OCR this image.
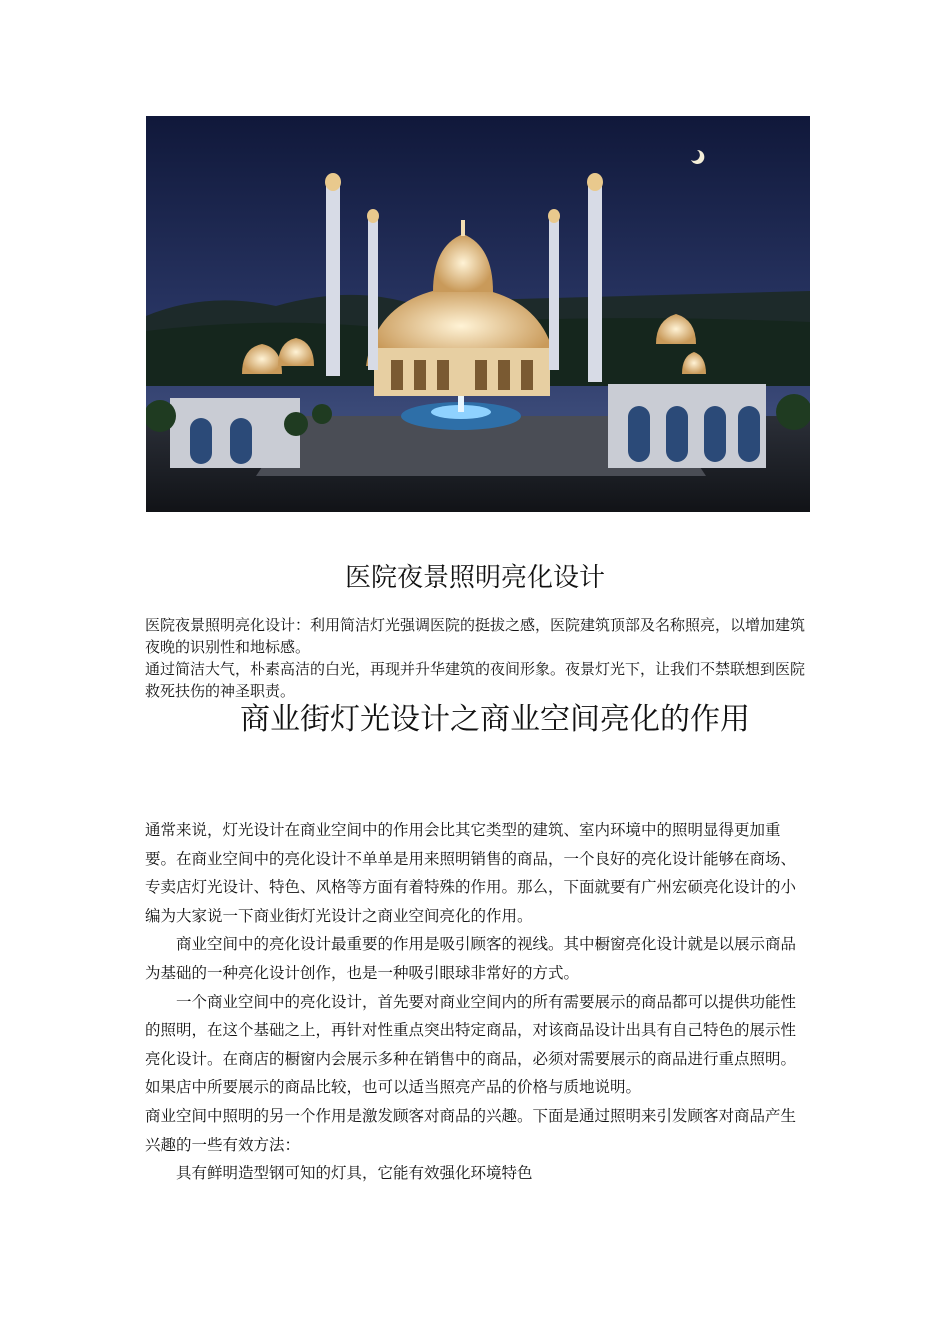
医院夜景照明亮化设计

医院夜景照明亮化设计：利用简洁灯光强调医院的挺拔之感，医院建筑顶部及名称照亮，以增加建筑夜晚的识别性和地标感。

通过简洁大气，朴素高洁的白光，再现并升华建筑的夜间形象。夜景灯光下，让我们不禁联想到医院救死扶伤的神圣职责。

商业街灯光设计之商业空间亮化的作用

通常来说，灯光设计在商业空间中的作用会比其它类型的建筑、室内环境中的照明显得更加重要。在商业空间中的亮化设计不单单是用来照明销售的商品，一个良好的亮化设计能够在商场、专卖店灯光设计、特色、风格等方面有着特殊的作用。那么，下面就要有广州宏硕亮化设计的小编为大家说一下商业街灯光设计之商业空间亮化的作用。

商业空间中的亮化设计最重要的作用是吸引顾客的视线。其中橱窗亮化设计就是以展示商品为基础的一种亮化设计创作，也是一种吸引眼球非常好的方式。

一个商业空间中的亮化设计，首先要对商业空间内的所有需要展示的商品都可以提供功能性的照明，在这个基础之上，再针对性重点突出特定商品，对该商品设计出具有自己特色的展示性亮化设计。在商店的橱窗内会展示多种在销售中的商品，必须对需要展示的商品进行重点照明。如果店中所要展示的商品比较，也可以适当照亮产品的价格与质地说明。

商业空间中照明的另一个作用是激发顾客对商品的兴趣。下面是通过照明来引发顾客对商品产生兴趣的一些有效方法：

具有鲜明造型钢可知的灯具，它能有效强化环境特色
